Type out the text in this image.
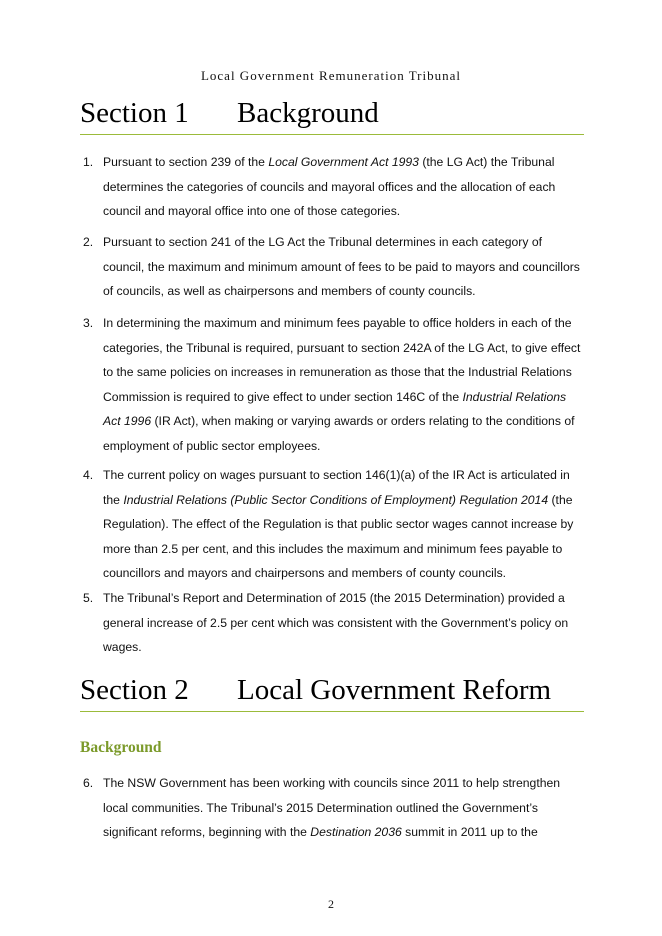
Local Government Remuneration Tribunal
Section 1 Background
1. Pursuant to section 239 of the Local Government Act 1993 (the LG Act) the Tribunal determines the categories of councils and mayoral offices and the allocation of each council and mayoral office into one of those categories.
2. Pursuant to section 241 of the LG Act the Tribunal determines in each category of council, the maximum and minimum amount of fees to be paid to mayors and councillors of councils, as well as chairpersons and members of county councils.
3. In determining the maximum and minimum fees payable to office holders in each of the categories, the Tribunal is required, pursuant to section 242A of the LG Act, to give effect to the same policies on increases in remuneration as those that the Industrial Relations Commission is required to give effect to under section 146C of the Industrial Relations Act 1996 (IR Act), when making or varying awards or orders relating to the conditions of employment of public sector employees.
4. The current policy on wages pursuant to section 146(1)(a) of the IR Act is articulated in the Industrial Relations (Public Sector Conditions of Employment) Regulation 2014 (the Regulation). The effect of the Regulation is that public sector wages cannot increase by more than 2.5 per cent, and this includes the maximum and minimum fees payable to councillors and mayors and chairpersons and members of county councils.
5. The Tribunal’s Report and Determination of 2015 (the 2015 Determination) provided a general increase of 2.5 per cent which was consistent with the Government’s policy on wages.
Section 2 Local Government Reform
Background
6. The NSW Government has been working with councils since 2011 to help strengthen local communities. The Tribunal’s 2015 Determination outlined the Government’s significant reforms, beginning with the Destination 2036 summit in 2011 up to the
2
